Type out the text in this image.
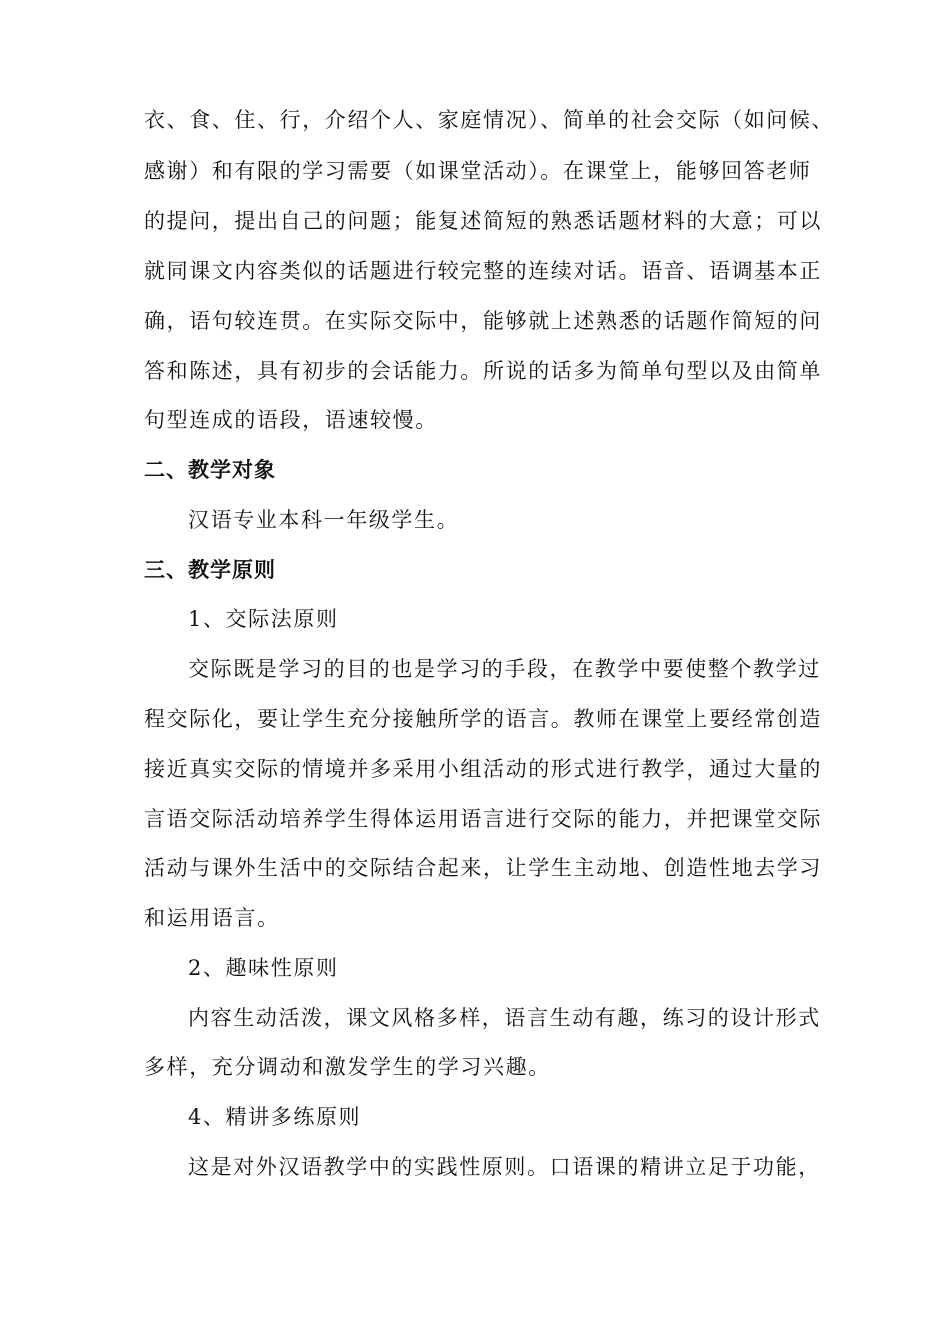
衣、食、住、行，介绍个人、家庭情况）、简单的社会交际（如问候、
感谢）和有限的学习需要（如课堂活动）。在课堂上，能够回答老师
的提问，提出自己的问题；能复述简短的熟悉话题材料的大意；可以
就同课文内容类似的话题进行较完整的连续对话。语音、语调基本正
确，语句较连贯。在实际交际中，能够就上述熟悉的话题作简短的问
答和陈述，具有初步的会话能力。所说的话多为简单句型以及由简单
句型连成的语段，语速较慢。
二、教学对象
汉语专业本科一年级学生。
三、教学原则
1、交际法原则
交际既是学习的目的也是学习的手段，在教学中要使整个教学过
程交际化，要让学生充分接触所学的语言。教师在课堂上要经常创造
接近真实交际的情境并多采用小组活动的形式进行教学，通过大量的
言语交际活动培养学生得体运用语言进行交际的能力，并把课堂交际
活动与课外生活中的交际结合起来，让学生主动地、创造性地去学习
和运用语言。
2、趣味性原则
内容生动活泼，课文风格多样，语言生动有趣，练习的设计形式
多样，充分调动和激发学生的学习兴趣。
4、精讲多练原则
这是对外汉语教学中的实践性原则。口语课的精讲立足于功能，
